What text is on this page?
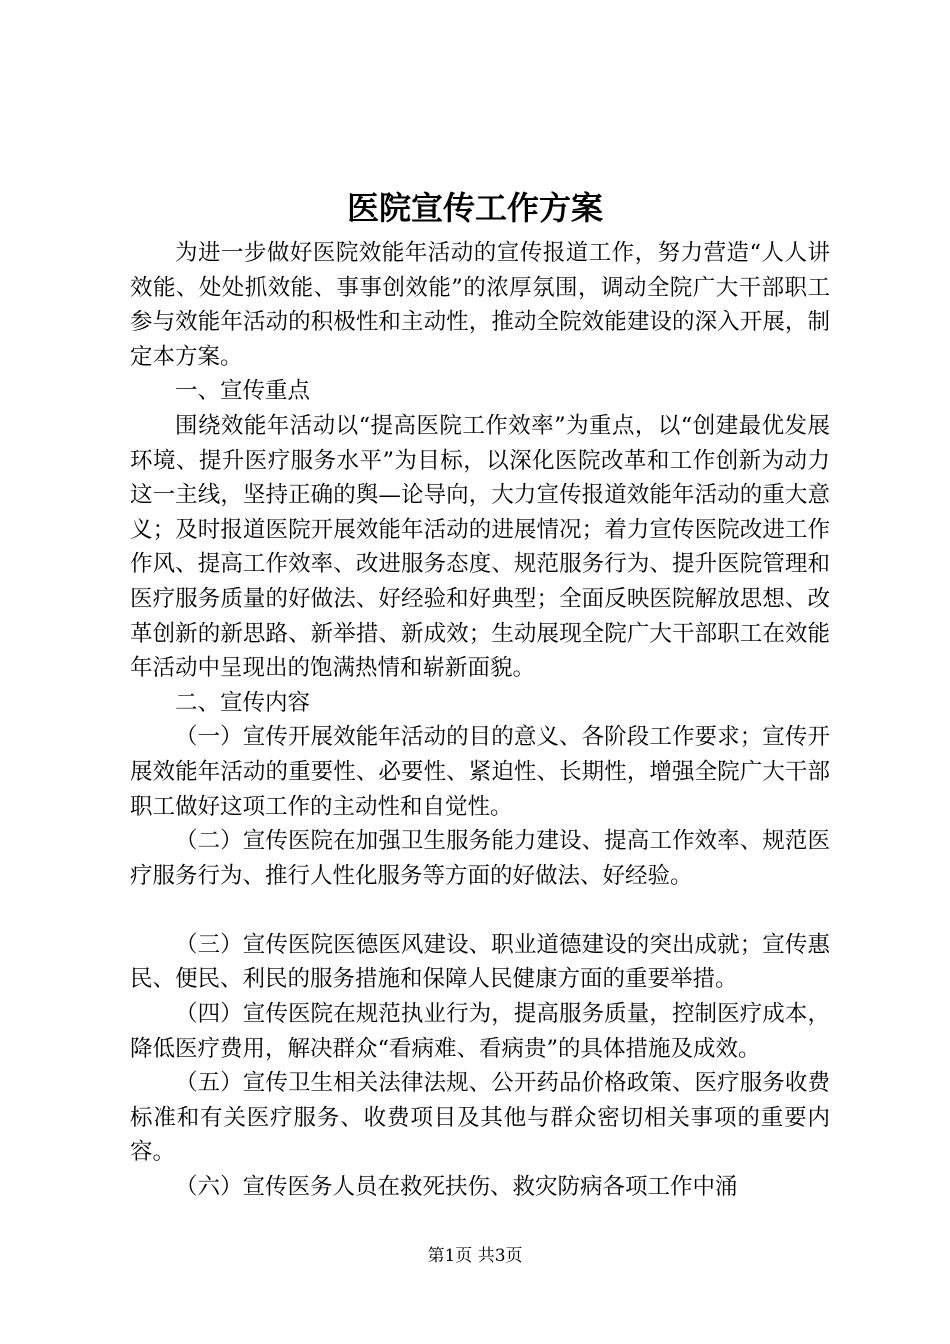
医院宣传工作方案

为进一步做好医院效能年活动的宣传报道工作，努力营造“人人讲效能、处处抓效能、事事创效能”的浓厚氛围，调动全院广大干部职工参与效能年活动的积极性和主动性，推动全院效能建设的深入开展，制定本方案。

一、宣传重点

围绕效能年活动以“提高医院工作效率”为重点，以“创建最优发展环境、提升医疗服务水平”为目标，以深化医院改革和工作创新为动力这一主线，坚持正确的舆—论导向，大力宣传报道效能年活动的重大意义；及时报道医院开展效能年活动的进展情况；着力宣传医院改进工作作风、提高工作效率、改进服务态度、规范服务行为、提升医院管理和医疗服务质量的好做法、好经验和好典型；全面反映医院解放思想、改革创新的新思路、新举措、新成效；生动展现全院广大干部职工在效能年活动中呈现出的饱满热情和崭新面貌。

二、宣传内容

（一）宣传开展效能年活动的目的意义、各阶段工作要求；宣传开展效能年活动的重要性、必要性、紧迫性、长期性，增强全院广大干部职工做好这项工作的主动性和自觉性。

（二）宣传医院在加强卫生服务能力建设、提高工作效率、规范医疗服务行为、推行人性化服务等方面的好做法、好经验。

（三）宣传医院医德医风建设、职业道德建设的突出成就；宣传惠民、便民、利民的服务措施和保障人民健康方面的重要举措。

（四）宣传医院在规范执业行为，提高服务质量，控制医疗成本，降低医疗费用，解决群众“看病难、看病贵”的具体措施及成效。

（五）宣传卫生相关法律法规、公开药品价格政策、医疗服务收费标准和有关医疗服务、收费项目及其他与群众密切相关事项的重要内容。

（六）宣传医务人员在救死扶伤、救灾防病各项工作中涌

第1页 共3页
